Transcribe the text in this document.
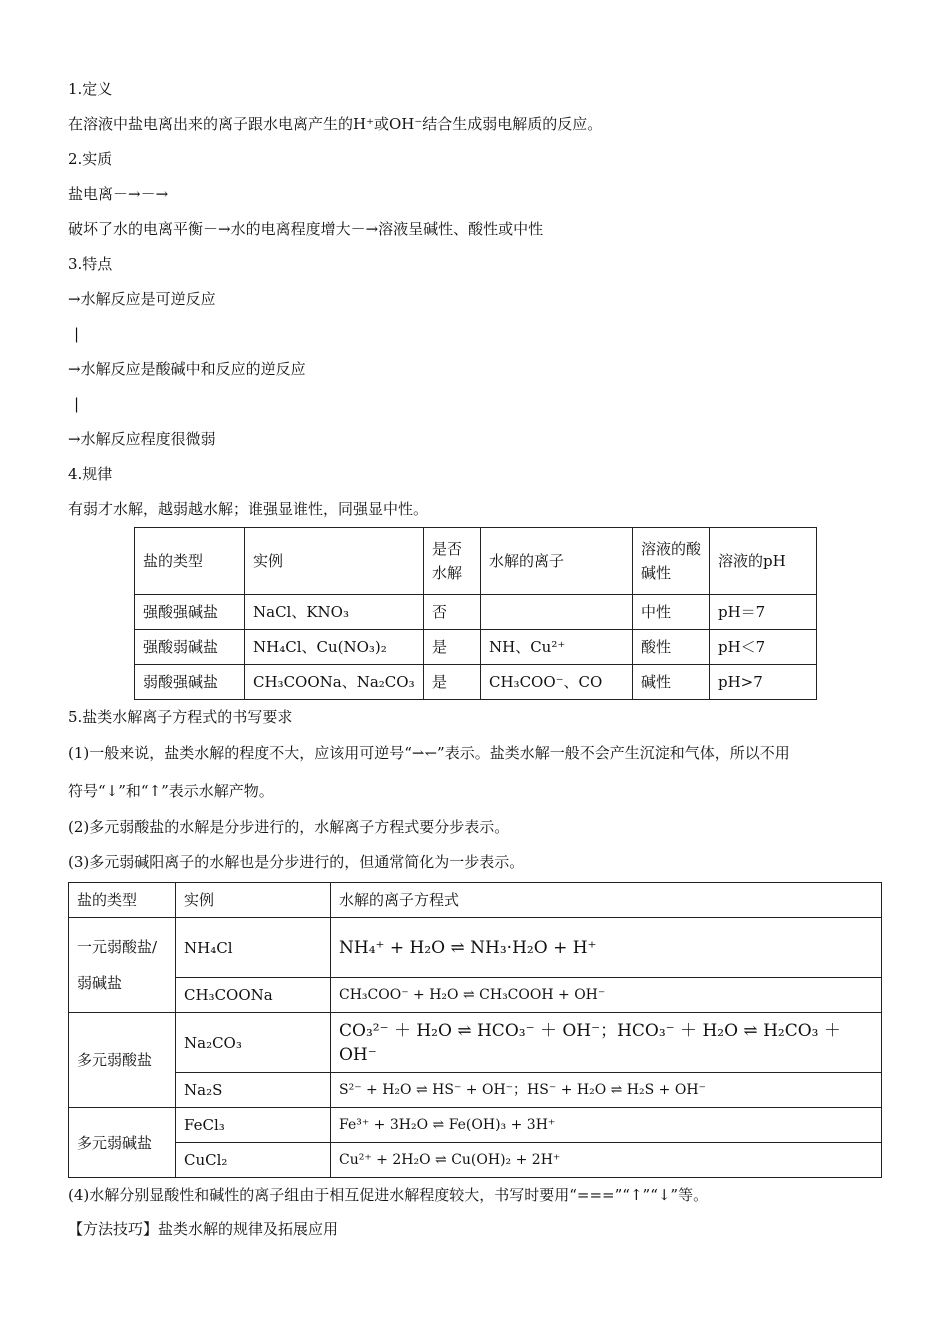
1.定义
在溶液中盐电离出来的离子跟水电离产生的H⁺或OH⁻结合生成弱电解质的反应。
2.实质
盐电离－→－→
破坏了水的电离平衡－→水的电离程度增大－→溶液呈碱性、酸性或中性
3.特点
→水解反应是可逆反应
|
→水解反应是酸碱中和反应的逆反应
|
→水解反应程度很微弱
4.规律
有弱才水解，越弱越水解；谁强显谁性，同强显中性。
盐的类型	实例	是否水解	水解的离子	溶液的酸碱性	溶液的pH
强酸强碱盐	NaCl、KNO₃	否		中性	pH＝7
强酸弱碱盐	NH₄Cl、Cu(NO₃)₂	是	NH、Cu²⁺	酸性	pH＜7
弱酸强碱盐	CH₃COONa、Na₂CO₃	是	CH₃COO⁻、CO	碱性	pH>7
5.盐类水解离子方程式的书写要求
(1)一般来说，盐类水解的程度不大，应该用可逆号“⇀↽”表示。盐类水解一般不会产生沉淀和气体，所以不用
符号“↓”和“↑”表示水解产物。
(2)多元弱酸盐的水解是分步进行的，水解离子方程式要分步表示。
(3)多元弱碱阳离子的水解也是分步进行的，但通常简化为一步表示。
盐的类型	实例	水解的离子方程式
一元弱酸盐/弱碱盐	NH₄Cl	NH₄⁺ + H₂O ⇌ NH₃·H₂O + H⁺
	CH₃COONa	CH₃COO⁻ + H₂O ⇌ CH₃COOH + OH⁻
多元弱酸盐	Na₂CO₃	CO₃²⁻ ＋ H₂O ⇌ HCO₃⁻ ＋ OH⁻；HCO₃⁻ ＋ H₂O ⇌ H₂CO₃ ＋ OH⁻
	Na₂S	S²⁻ + H₂O ⇌ HS⁻ + OH⁻；HS⁻ + H₂O ⇌ H₂S + OH⁻
多元弱碱盐	FeCl₃	Fe³⁺ + 3H₂O ⇌ Fe(OH)₃ + 3H⁺
	CuCl₂	Cu²⁺ + 2H₂O ⇌ Cu(OH)₂ + 2H⁺
(4)水解分别显酸性和碱性的离子组由于相互促进水解程度较大，书写时要用“===”“↑”“↓”等。
【方法技巧】盐类水解的规律及拓展应用
